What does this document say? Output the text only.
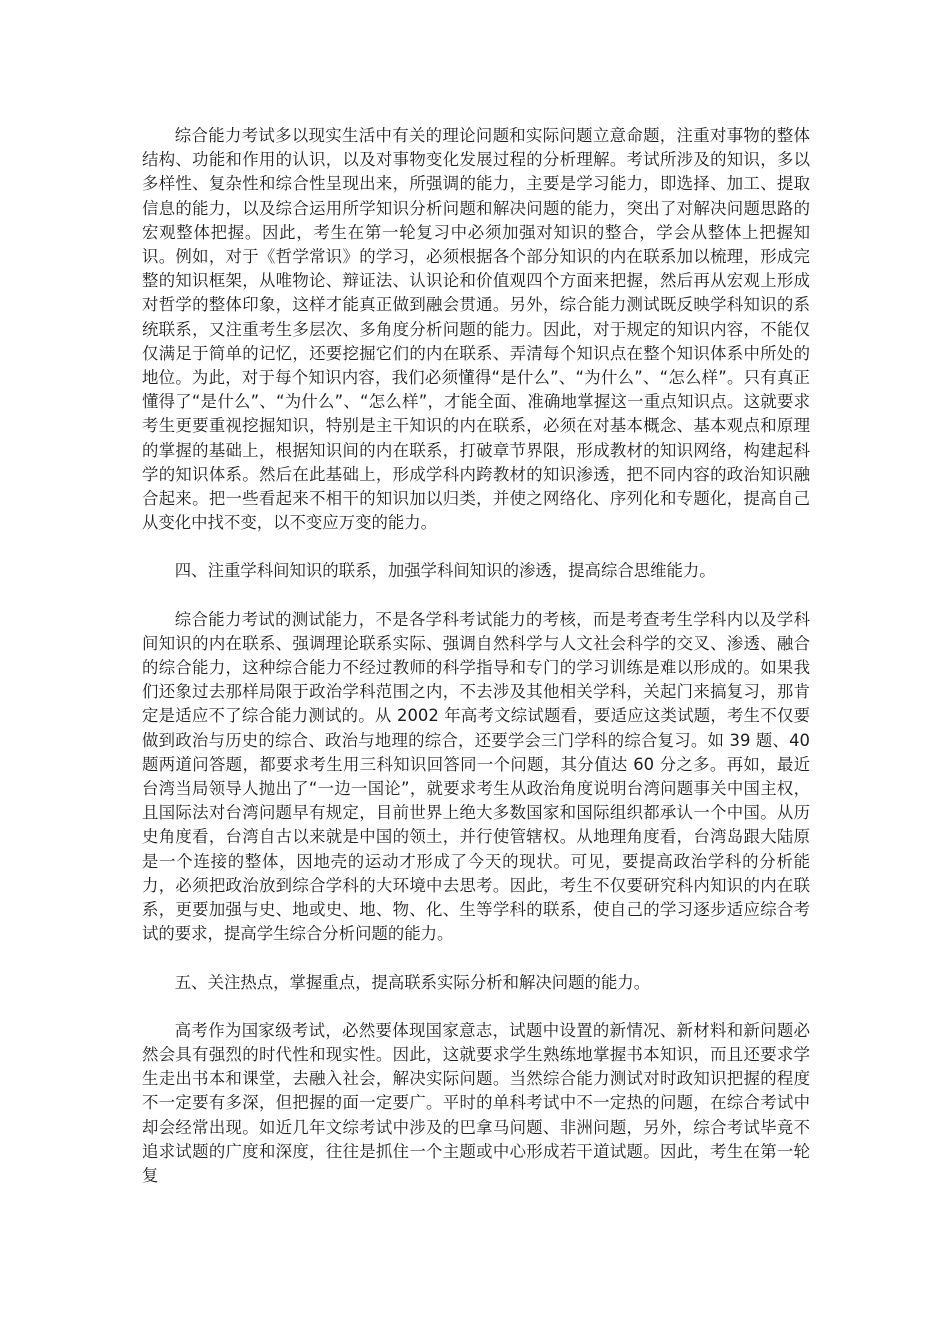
综合能力考试多以现实生活中有关的理论问题和实际问题立意命题，注重对事物的整体结构、功能和作用的认识，以及对事物变化发展过程的分析理解。考试所涉及的知识，多以多样性、复杂性和综合性呈现出来，所强调的能力，主要是学习能力，即选择、加工、提取信息的能力，以及综合运用所学知识分析问题和解决问题的能力，突出了对解决问题思路的宏观整体把握。因此，考生在第一轮复习中必须加强对知识的整合，学会从整体上把握知识。例如，对于《哲学常识》的学习，必须根据各个部分知识的内在联系加以梳理，形成完整的知识框架，从唯物论、辩证法、认识论和价值观四个方面来把握，然后再从宏观上形成对哲学的整体印象，这样才能真正做到融会贯通。另外，综合能力测试既反映学科知识的系统联系，又注重考生多层次、多角度分析问题的能力。因此，对于规定的知识内容，不能仅仅满足于简单的记忆，还要挖掘它们的内在联系、弄清每个知识点在整个知识体系中所处的地位。为此，对于每个知识内容，我们必须懂得“是什么”、“为什么”、“怎么样”。只有真正懂得了“是什么”、“为什么”、“怎么样”，才能全面、准确地掌握这一重点知识点。这就要求考生更要重视挖掘知识，特别是主干知识的内在联系，必须在对基本概念、基本观点和原理的掌握的基础上，根据知识间的内在联系，打破章节界限，形成教材的知识网络，构建起科学的知识体系。然后在此基础上，形成学科内跨教材的知识渗透，把不同内容的政治知识融合起来。把一些看起来不相干的知识加以归类，并使之网络化、序列化和专题化，提高自己从变化中找不变，以不变应万变的能力。

四、注重学科间知识的联系，加强学科间知识的渗透，提高综合思维能力。

综合能力考试的测试能力，不是各学科考试能力的考核，而是考查考生学科内以及学科间知识的内在联系、强调理论联系实际、强调自然科学与人文社会科学的交叉、渗透、融合的综合能力，这种综合能力不经过教师的科学指导和专门的学习训练是难以形成的。如果我们还象过去那样局限于政治学科范围之内，不去涉及其他相关学科，关起门来搞复习，那肯定是适应不了综合能力测试的。从 2002 年高考文综试题看，要适应这类试题，考生不仅要做到政治与历史的综合、政治与地理的综合，还要学会三门学科的综合复习。如 39 题、40 题两道问答题，都要求考生用三科知识回答同一个问题，其分值达 60 分之多。再如，最近台湾当局领导人抛出了“一边一国论”，就要求考生从政治角度说明台湾问题事关中国主权，且国际法对台湾问题早有规定，目前世界上绝大多数国家和国际组织都承认一个中国。从历史角度看，台湾自古以来就是中国的领土，并行使管辖权。从地理角度看，台湾岛跟大陆原是一个连接的整体，因地壳的运动才形成了今天的现状。可见，要提高政治学科的分析能力，必须把政治放到综合学科的大环境中去思考。因此，考生不仅要研究科内知识的内在联系，更要加强与史、地或史、地、物、化、生等学科的联系，使自己的学习逐步适应综合考试的要求，提高学生综合分析问题的能力。

五、关注热点，掌握重点，提高联系实际分析和解决问题的能力。

高考作为国家级考试，必然要体现国家意志，试题中设置的新情况、新材料和新问题必然会具有强烈的时代性和现实性。因此，这就要求学生熟练地掌握书本知识，而且还要求学生走出书本和课堂，去融入社会，解决实际问题。当然综合能力测试对时政知识把握的程度不一定要有多深，但把握的面一定要广。平时的单科考试中不一定热的问题，在综合考试中却会经常出现。如近几年文综考试中涉及的巴拿马问题、非洲问题，另外，综合考试毕竟不追求试题的广度和深度，往往是抓住一个主题或中心形成若干道试题。因此，考生在第一轮复
